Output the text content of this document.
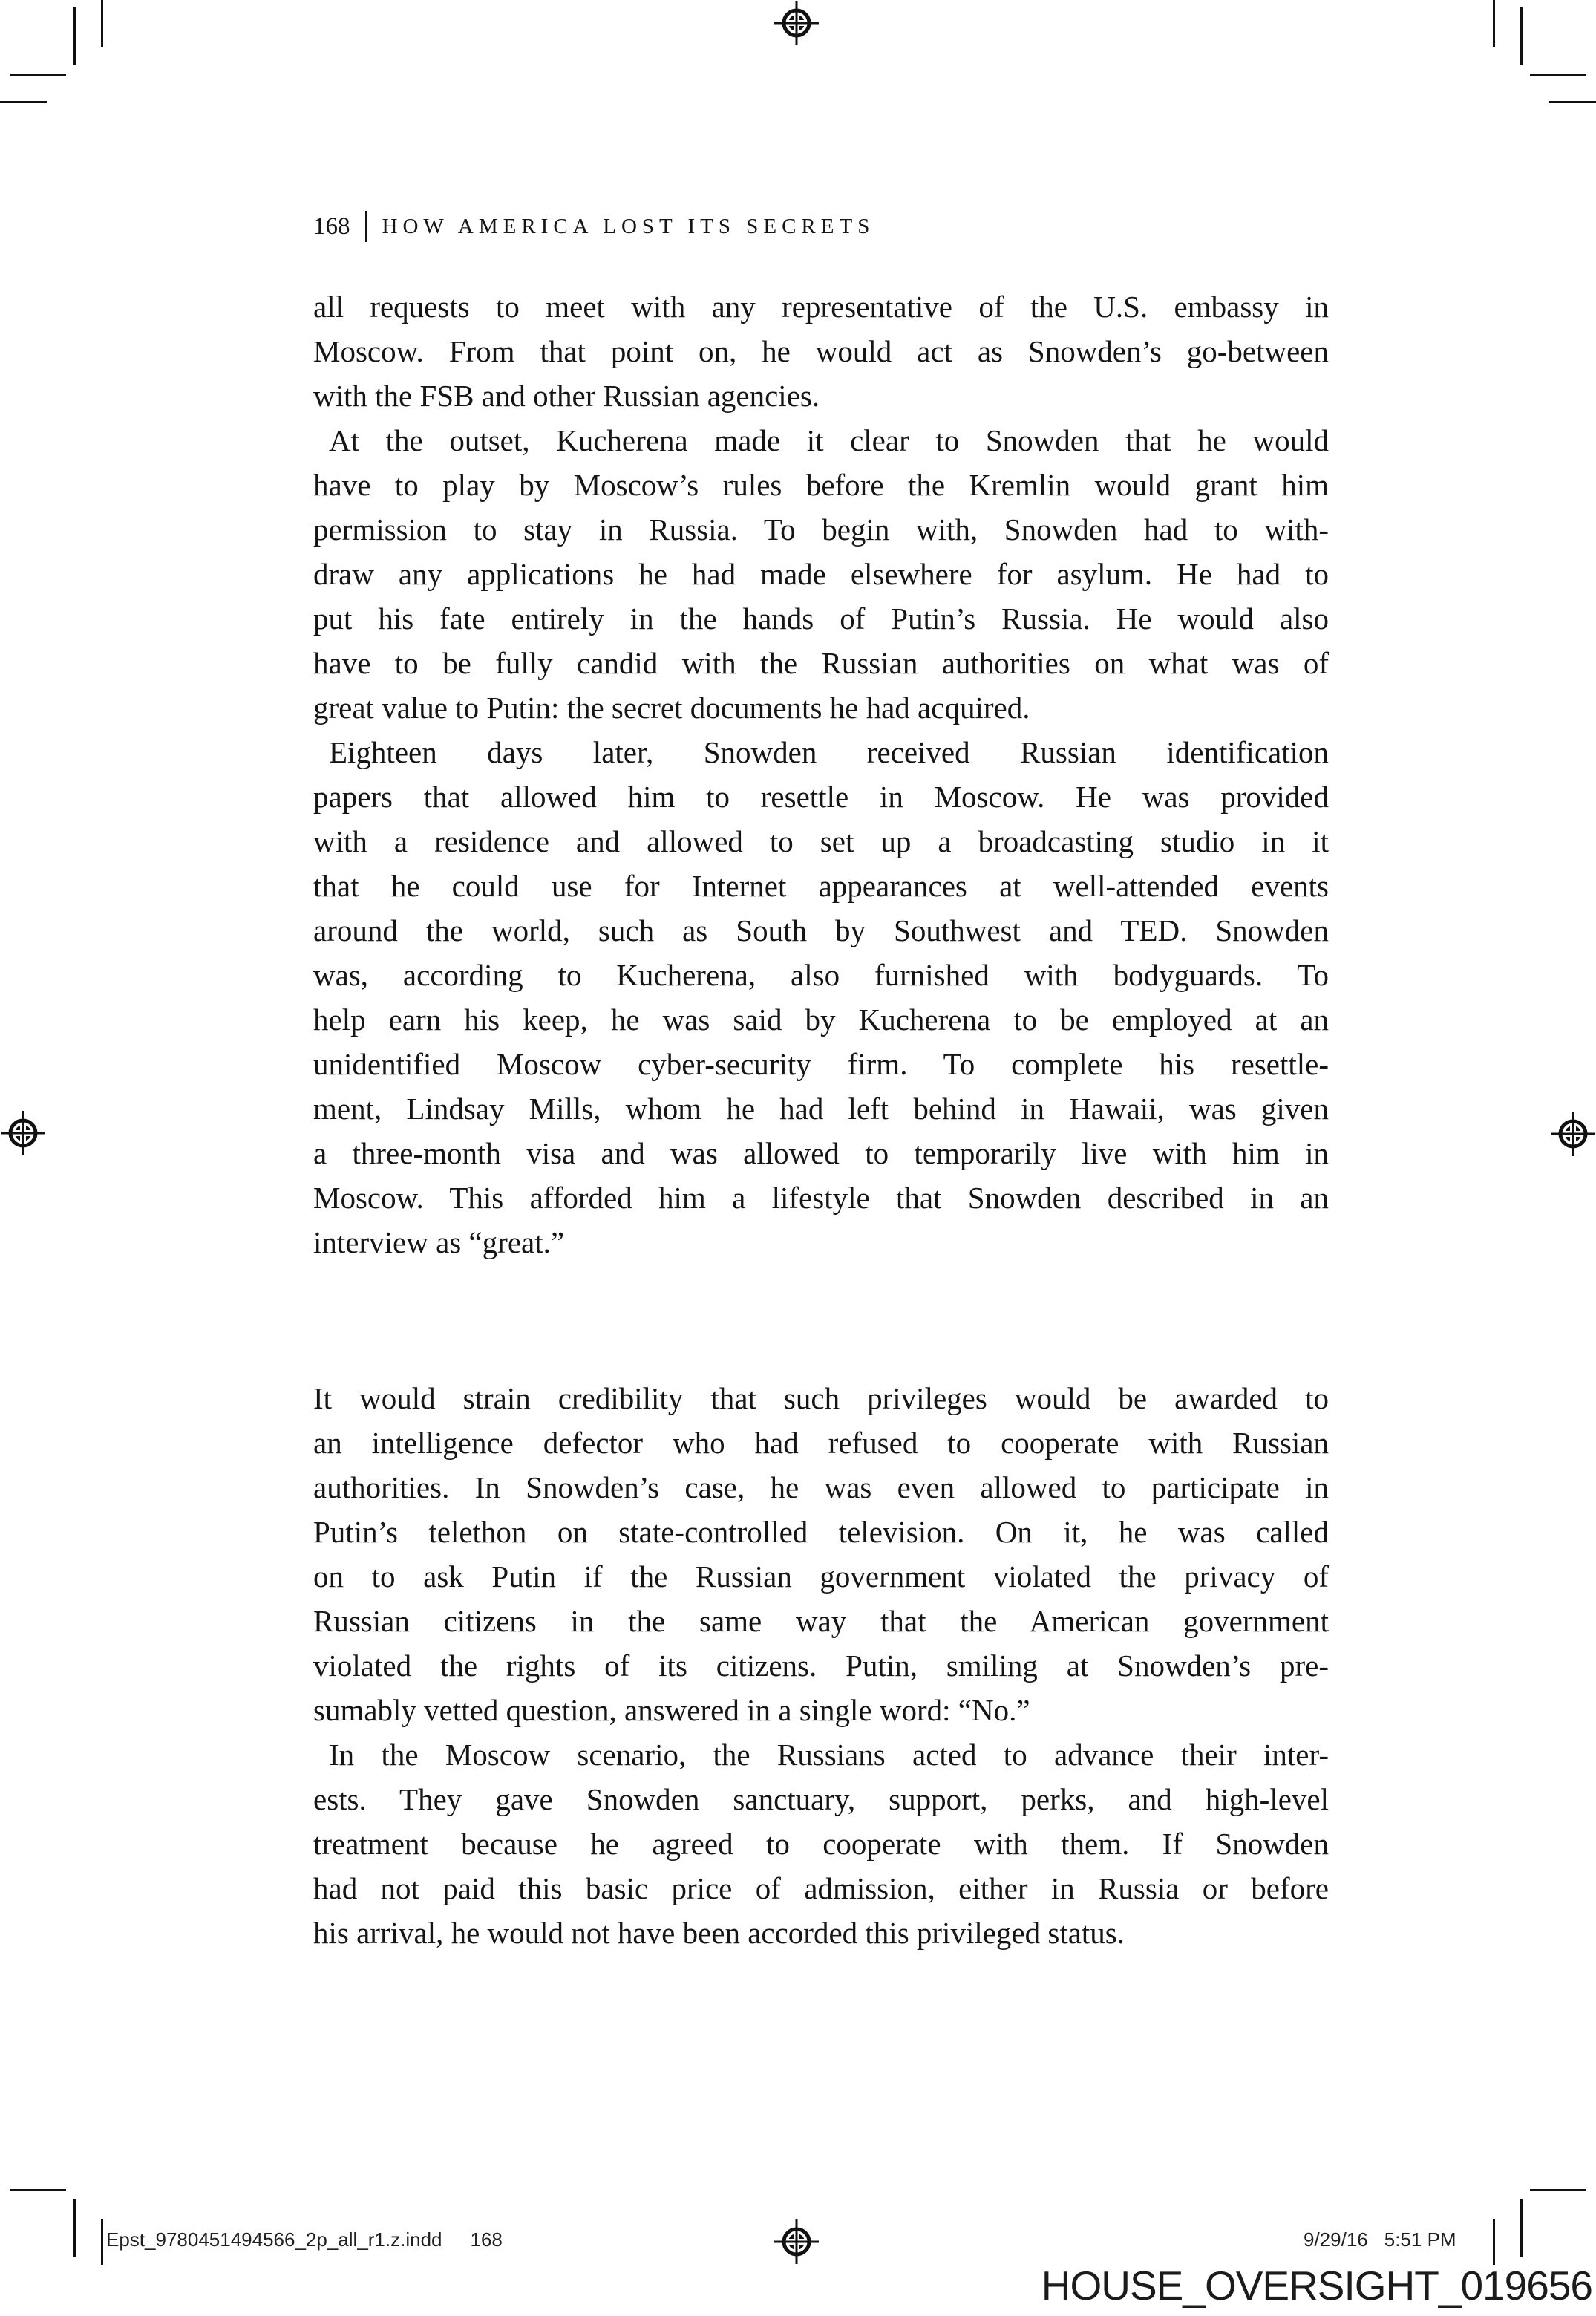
168 HOW AMERICA LOST ITS SECRETS
all requests to meet with any representative of the U.S. embassy in
Moscow. From that point on, he would act as Snowden’s go-between
with the FSB and other Russian agencies.
At the outset, Kucherena made it clear to Snowden that he would
have to play by Moscow’s rules before the Kremlin would grant him
permission to stay in Russia. To begin with, Snowden had to with-
draw any applications he had made elsewhere for asylum. He had to
put his fate entirely in the hands of Putin’s Russia. He would also
have to be fully candid with the Russian authorities on what was of
great value to Putin: the secret documents he had acquired.
Eighteen days later, Snowden received Russian identification
papers that allowed him to resettle in Moscow. He was provided
with a residence and allowed to set up a broadcasting studio in it
that he could use for Internet appearances at well-attended events
around the world, such as South by Southwest and TED. Snowden
was, according to Kucherena, also furnished with bodyguards. To
help earn his keep, he was said by Kucherena to be employed at an
unidentified Moscow cyber-security firm. To complete his resettle-
ment, Lindsay Mills, whom he had left behind in Hawaii, was given
a three-month visa and was allowed to temporarily live with him in
Moscow. This afforded him a lifestyle that Snowden described in an
interview as “great.”
It would strain credibility that such privileges would be awarded to
an intelligence defector who had refused to cooperate with Russian
authorities. In Snowden’s case, he was even allowed to participate in
Putin’s telethon on state-controlled television. On it, he was called
on to ask Putin if the Russian government violated the privacy of
Russian citizens in the same way that the American government
violated the rights of its citizens. Putin, smiling at Snowden’s pre-
sumably vetted question, answered in a single word: “No.”
In the Moscow scenario, the Russians acted to advance their inter-
ests. They gave Snowden sanctuary, support, perks, and high-level
treatment because he agreed to cooperate with them. If Snowden
had not paid this basic price of admission, either in Russia or before
his arrival, he would not have been accorded this privileged status.
Epst_9780451494566_2p_all_r1.z.indd 168	9/29/16 5:51 PM
HOUSE_OVERSIGHT_019656
